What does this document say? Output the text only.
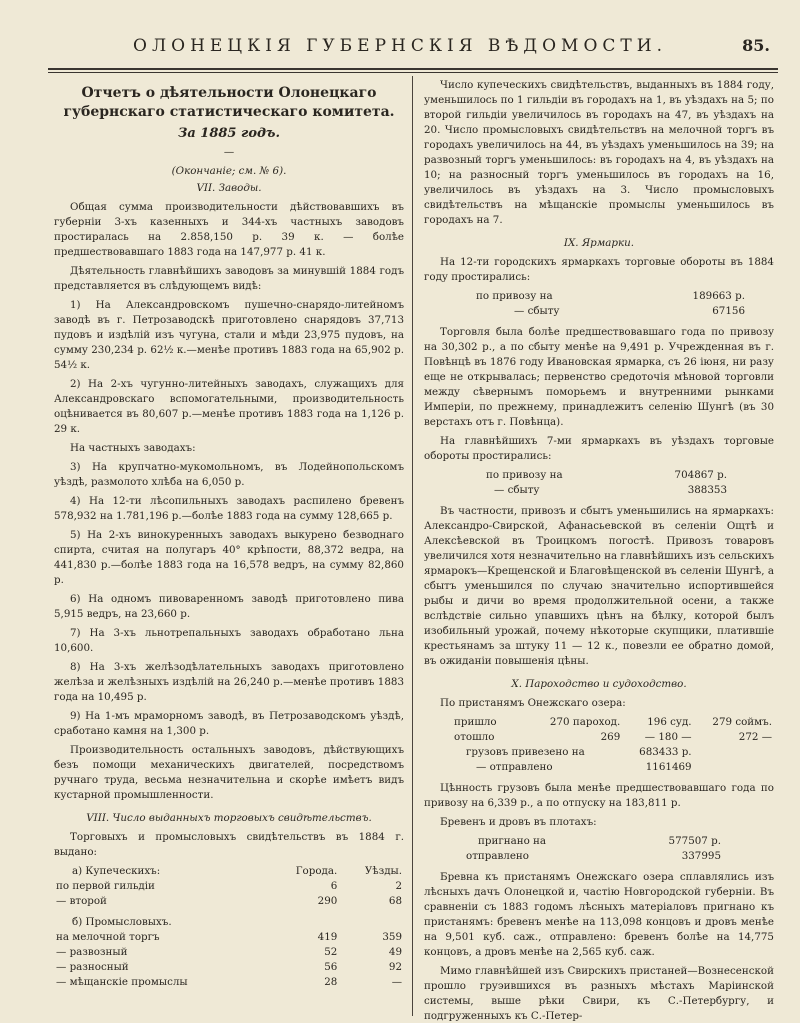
ОЛОНЕЦКІЯ ГУБЕРНСКІЯ ВѢДОМОСТИ.	85.
Отчетъ о дѣятельности Олонецкаго губернскаго статистическаго комитета.
За 1885 годъ.
—
(Окончаніе; см. № 6).
VII. Заводы.

Общая сумма производительности дѣйствовавшихъ въ губерніи 3-хъ казенныхъ и 344-хъ частныхъ заводовъ простиралась на 2.858,150 р. 39 к. — болѣе предшествовавшаго 1883 года на 147,977 р. 41 к.

Дѣятельность главнѣйшихъ заводовъ за минувшій 1884 годъ представляется въ слѣдующемъ видѣ:

1) На Александровскомъ пушечно-снарядо-литейномъ заводѣ въ г. Петрозаводскѣ приготовлено снарядовъ 37,713 пудовъ и издѣлій изъ чугуна, стали и мѣди 23,975 пудовъ, на сумму 230,234 р. 62½ к.—менѣе противъ 1883 года на 65,902 р. 54½ к.

2) На 2-хъ чугунно-литейныхъ заводахъ, служащихъ для Александровскаго вспомогательными, производительность оцѣнивается въ 80,607 р.—менѣе противъ 1883 года на 1,126 р. 29 к.

На частныхъ заводахъ:

3) На крупчатно-мукомольномъ, въ Лодейнопольскомъ уѣздѣ, размолото хлѣба на 6,050 р.

4) На 12-ти лѣсопильныхъ заводахъ распилено бревенъ 578,932 на 1.781,196 р.—болѣе 1883 года на сумму 128,665 р.

5) На 2-хъ винокуренныхъ заводахъ выкурено безводнаго спирта, считая на полугаръ 40° крѣпости, 88,372 ведра, на 441,830 р.—болѣе 1883 года на 16,578 ведръ, на сумму 82,860 р.

6) На одномъ пивоваренномъ заводѣ приготовлено пива 5,915 ведръ, на 23,660 р.

7) На 3-хъ льнотрепальныхъ заводахъ обработано льна 10,600.

8) На 3-хъ желѣзодѣлательныхъ заводахъ приготовлено желѣза и желѣзныхъ издѣлій на 26,240 р.—менѣе противъ 1883 года на 10,495 р.

9) На 1-мъ мраморномъ заводѣ, въ Петрозаводскомъ уѣздѣ, сработано камня на 1,300 р.

Производительность остальныхъ заводовъ, дѣйствующихъ безъ помощи механическихъ двигателей, посредствомъ ручнаго труда, весьма незначительна и скорѣе имѣетъ видъ кустарной промышленности.

VIII. Число выданныхъ торговыхъ свидѣтельствъ.

Торговыхъ и промысловыхъ свидѣтельствъ въ 1884 г. выдано:

а) Купеческихъ:	Города.	Уѣзды.
по первой гильдіи	6	2
— второй	290	68
б) Промысловыхъ.		
на мелочной торгъ	419	359
— развозный	52	49
— разносный	56	92
— мѣщанскіе промыслы	28	—

Число купеческихъ свидѣтельствъ, выданныхъ въ 1884 году, уменьшилось по 1 гильдіи въ городахъ на 1, въ уѣздахъ на 5; по второй гильдіи увеличилось въ городахъ на 47, въ уѣздахъ на 20. Число промысловыхъ свидѣтельствъ на мелочной торгъ въ городахъ увеличилось на 44, въ уѣздахъ уменьшилось на 39; на развозный торгъ уменьшилось: въ городахъ на 4, въ уѣздахъ на 10; на разносный торгъ уменьшилось въ городахъ на 16, увеличилось въ уѣздахъ на 3. Число промысловыхъ свидѣтельствъ на мѣщанскіе промыслы уменьшилось въ городахъ на 7.

IX. Ярмарки.

На 12-ти городскихъ ярмаркахъ торговые обороты въ 1884 году простирались:

по привозу на	189663 р.
— сбыту	67156

Торговля была болѣе предшествовавшаго года по привозу на 30,302 р., а по сбыту менѣе на 9,491 р. Учрежденная въ г. Повѣнцѣ въ 1876 году Ивановская ярмарка, съ 26 іюня, ни разу еще не открывалась; первенство средоточія мѣновой торговли между сѣвернымъ поморьемъ и внутренними рынками Имперіи, по прежнему, принадлежитъ селенію Шунгѣ (въ 30 верстахъ отъ г. Повѣнца).

На главнѣйшихъ 7-ми ярмаркахъ въ уѣздахъ торговые обороты простирались:

по привозу на	704867 р.
— сбыту	388353

Въ частности, привозъ и сбытъ уменьшились на ярмаркахъ: Александро-Свирской, Афанасьевской въ селеніи Ощтѣ и Алексѣевской въ Троицкомъ погостѣ. Привозъ товаровъ увеличился хотя незначительно на главнѣйшихъ изъ сельскихъ ярмарокъ—Крещенской и Благовѣщенской въ селеніи Шунгѣ, а сбытъ уменьшился по случаю значительно испортившейся рыбы и дичи во время продолжительной осени, а также вслѣдствіе сильно упавшихъ цѣнъ на бѣлку, которой былъ изобильный урожай, почему нѣкоторые скупщики, платившіе крестьянамъ за штуку 11 — 12 к., повезли ее обратно домой, въ ожиданіи повышенія цѣны.

X. Пароходство и судоходство.

По пристанямъ Онежскаго озера:

пришло	270 пароход.	196 суд.	279 соймъ.
отошло	269	— 180 —	272 —
грузовъ привезено на		683433 р.	
— отправлено		1161469	

Цѣнность грузовъ была менѣе предшествовавшаго года по привозу на 6,339 р., а по отпуску на 183,811 р.

Бревенъ и дровъ въ плотахъ:

пригнано на	577507 р.
отправлено	337995

Бревна къ пристанямъ Онежскаго озера сплавлялись изъ лѣсныхъ дачъ Олонецкой и, частію Новгородской губерніи. Въ сравненіи съ 1883 годомъ лѣсныхъ матеріаловъ пригнано къ пристанямъ: бревенъ менѣе на 113,098 концовъ и дровъ менѣе на 9,501 куб. саж., отправлено: бревенъ болѣе на 14,775 концовъ, а дровъ менѣе на 2,565 куб. саж.

Мимо главнѣйшей изъ Свирскихъ пристаней—Вознесенской прошло груэившихся въ разныхъ мѣстахъ Маріинской системы, выше рѣки Свири, къ С.-Петербургу, и подгруженныхъ къ С.-Петер-
